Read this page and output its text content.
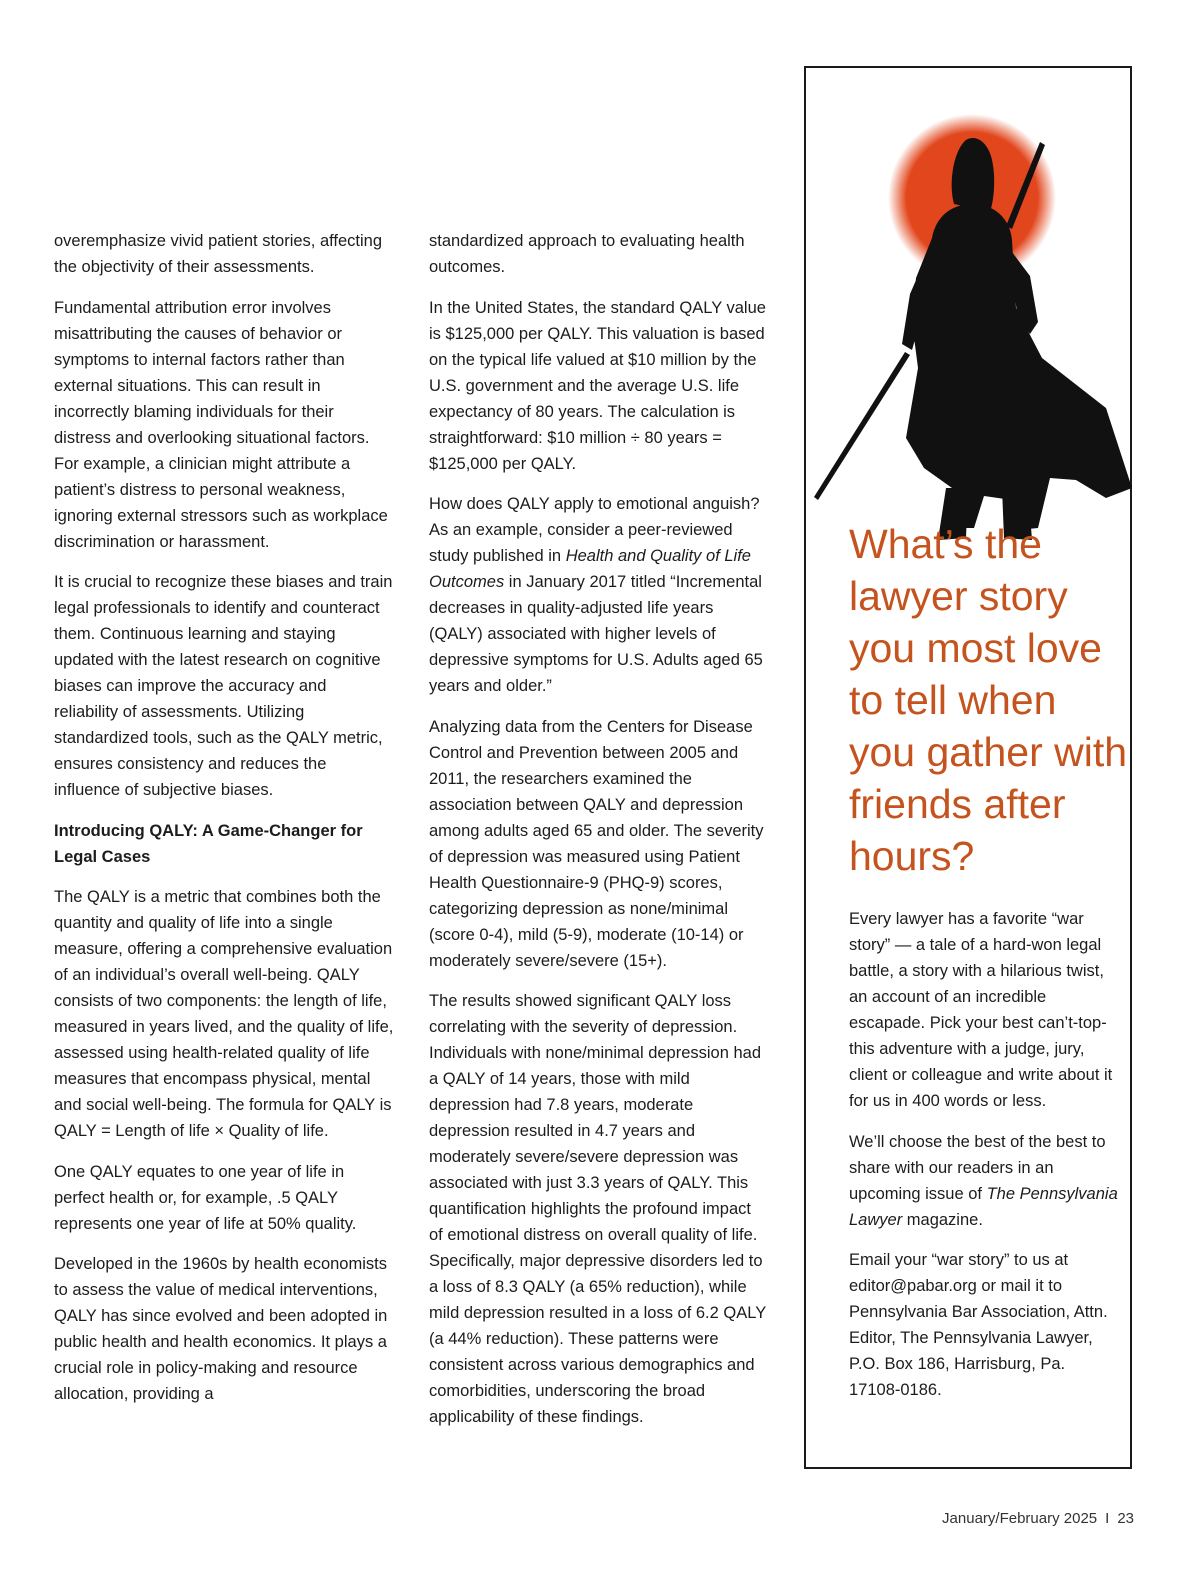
overemphasize vivid patient stories, affecting the objectivity of their assessments.

Fundamental attribution error involves misattributing the causes of behavior or symptoms to internal factors rather than external situations. This can result in incorrectly blaming individuals for their distress and overlooking situational factors. For example, a clinician might attribute a patient’s distress to personal weakness, ignoring external stressors such as workplace discrimination or harassment.

It is crucial to recognize these biases and train legal professionals to identify and counteract them. Continuous learning and staying updated with the latest research on cognitive biases can improve the accuracy and reliability of assessments. Utilizing standardized tools, such as the QALY metric, ensures consistency and reduces the influence of subjective biases.

Introducing QALY: A Game-Changer for Legal Cases

The QALY is a metric that combines both the quantity and quality of life into a single measure, offering a comprehensive evaluation of an individual’s overall well-being. QALY consists of two components: the length of life, measured in years lived, and the quality of life, assessed using health-related quality of life measures that encompass physical, mental and social well-being. The formula for QALY is QALY = Length of life × Quality of life.

One QALY equates to one year of life in perfect health or, for example, .5 QALY represents one year of life at 50% quality.

Developed in the 1960s by health economists to assess the value of medical interventions, QALY has since evolved and been adopted in public health and health economics. It plays a crucial role in policy-making and resource allocation, providing a

standardized approach to evaluating health outcomes.

In the United States, the standard QALY value is $125,000 per QALY. This valuation is based on the typical life valued at $10 million by the U.S. government and the average U.S. life expectancy of 80 years. The calculation is straightforward: $10 million ÷ 80 years = $125,000 per QALY.

How does QALY apply to emotional anguish? As an example, consider a peer-reviewed study published in Health and Quality of Life Outcomes in January 2017 titled “Incremental decreases in quality-adjusted life years (QALY) associated with higher levels of depressive symptoms for U.S. Adults aged 65 years and older.”

Analyzing data from the Centers for Disease Control and Prevention between 2005 and 2011, the researchers examined the association between QALY and depression among adults aged 65 and older. The severity of depression was measured using Patient Health Questionnaire-9 (PHQ-9) scores, categorizing depression as none/minimal (score 0-4), mild (5-9), moderate (10-14) or moderately severe/severe (15+).

The results showed significant QALY loss correlating with the severity of depression. Individuals with none/minimal depression had a QALY of 14 years, those with mild depression had 7.8 years, moderate depression resulted in 4.7 years and moderately severe/severe depression was associated with just 3.3 years of QALY. This quantification highlights the profound impact of emotional distress on overall quality of life. Specifically, major depressive disorders led to a loss of 8.3 QALY (a 65% reduction), while mild depression resulted in a loss of 6.2 QALY (a 44% reduction). These patterns were consistent across various demographics and comorbidities, underscoring the broad applicability of these findings.

What’s the lawyer story you most love to tell when you gather with friends after hours?

Every lawyer has a favorite “war story” — a tale of a hard-won legal battle, a story with a hilarious twist, an account of an incredible escapade. Pick your best can’t-top-this adventure with a judge, jury, client or colleague and write about it for us in 400 words or less.

We’ll choose the best of the best to share with our readers in an upcoming issue of The Pennsylvania Lawyer magazine.

Email your “war story” to us at editor@pabar.org or mail it to Pennsylvania Bar Association, Attn. Editor, The Pennsylvania Lawyer, P.O. Box 186, Harrisburg, Pa. 17108-0186.

January/February 2025 I 23
